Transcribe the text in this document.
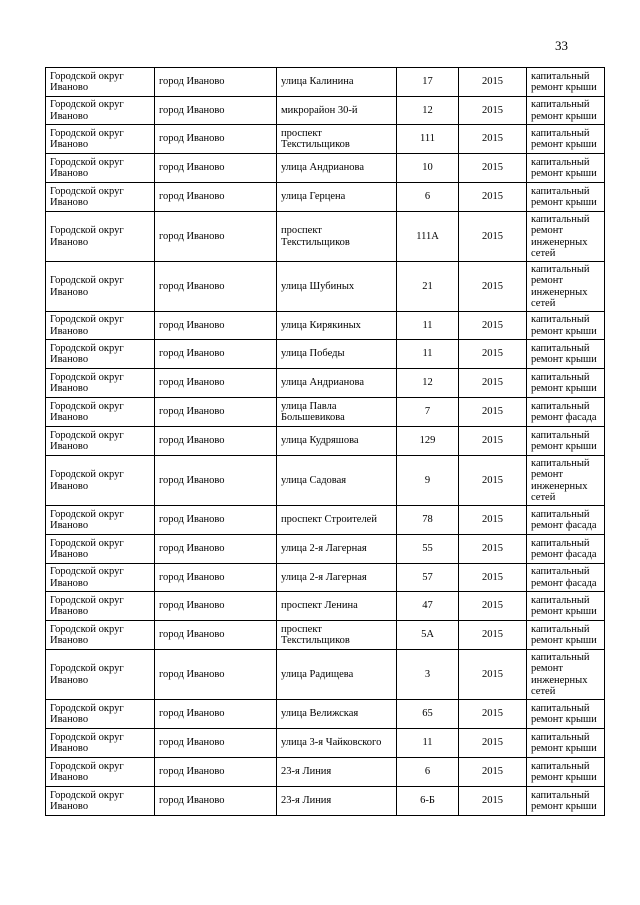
33
Городской округ Иваново	город Иваново	улица Калинина	17	2015	капитальный ремонт крыши
Городской округ Иваново	город Иваново	микрорайон 30-й	12	2015	капитальный ремонт крыши
Городской округ Иваново	город Иваново	проспект Текстильщиков	111	2015	капитальный ремонт крыши
Городской округ Иваново	город Иваново	улица Андрианова	10	2015	капитальный ремонт крыши
Городской округ Иваново	город Иваново	улица Герцена	6	2015	капитальный ремонт крыши
Городской округ Иваново	город Иваново	проспект Текстильщиков	111А	2015	капитальный ремонт инженерных сетей
Городской округ Иваново	город Иваново	улица Шубиных	21	2015	капитальный ремонт инженерных сетей
Городской округ Иваново	город Иваново	улица Кирякиных	11	2015	капитальный ремонт крыши
Городской округ Иваново	город Иваново	улица Победы	11	2015	капитальный ремонт крыши
Городской округ Иваново	город Иваново	улица Андрианова	12	2015	капитальный ремонт крыши
Городской округ Иваново	город Иваново	улица Павла Большевикова	7	2015	капитальный ремонт фасада
Городской округ Иваново	город Иваново	улица Кудряшова	129	2015	капитальный ремонт крыши
Городской округ Иваново	город Иваново	улица Садовая	9	2015	капитальный ремонт инженерных сетей
Городской округ Иваново	город Иваново	проспект Строителей	78	2015	капитальный ремонт фасада
Городской округ Иваново	город Иваново	улица 2-я Лагерная	55	2015	капитальный ремонт фасада
Городской округ Иваново	город Иваново	улица 2-я Лагерная	57	2015	капитальный ремонт фасада
Городской округ Иваново	город Иваново	проспект Ленина	47	2015	капитальный ремонт крыши
Городской округ Иваново	город Иваново	проспект Текстильщиков	5А	2015	капитальный ремонт крыши
Городской округ Иваново	город Иваново	улица Радищева	3	2015	капитальный ремонт инженерных сетей
Городской округ Иваново	город Иваново	улица Велижская	65	2015	капитальный ремонт крыши
Городской округ Иваново	город Иваново	улица 3-я Чайковского	11	2015	капитальный ремонт крыши
Городской округ Иваново	город Иваново	23-я Линия	6	2015	капитальный ремонт крыши
Городской округ Иваново	город Иваново	23-я Линия	6-Б	2015	капитальный ремонт крыши
